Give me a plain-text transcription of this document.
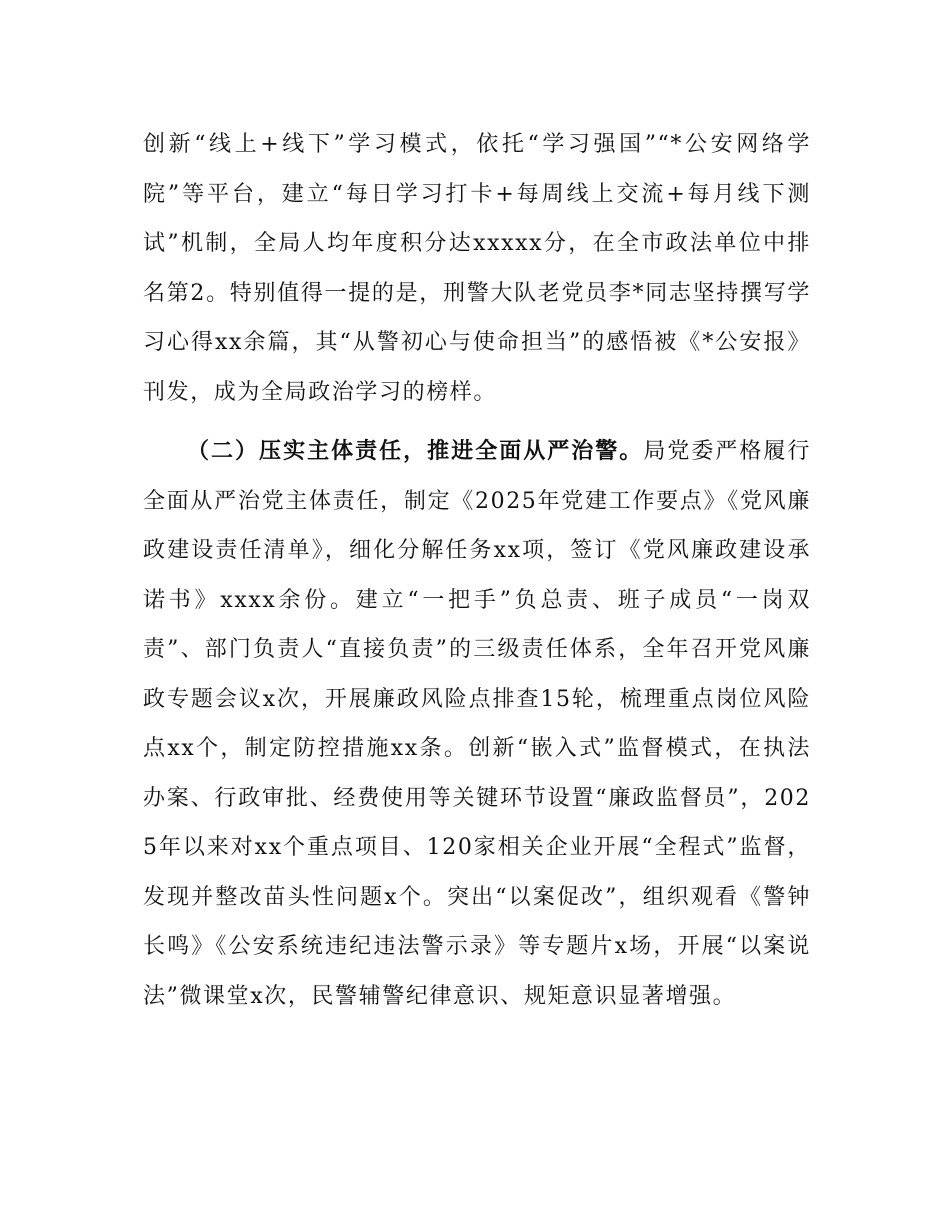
创新“线上+线下”学习模式，依托“学习强国”“*公安网络学院”等平台，建立“每日学习打卡+每周线上交流+每月线下测试”机制，全局人均年度积分达xxxxx分，在全市政法单位中排名第2。特别值得一提的是，刑警大队老党员李*同志坚持撰写学习心得xx余篇，其“从警初心与使命担当”的感悟被《*公安报》刊发，成为全局政治学习的榜样。

（二）压实主体责任，推进全面从严治警。局党委严格履行全面从严治党主体责任，制定《2025年党建工作要点》《党风廉政建设责任清单》，细化分解任务xx项，签订《党风廉政建设承诺书》xxxx余份。建立“一把手”负总责、班子成员“一岗双责”、部门负责人“直接负责”的三级责任体系，全年召开党风廉政专题会议x次，开展廉政风险点排查15轮，梳理重点岗位风险点xx个，制定防控措施xx条。创新“嵌入式”监督模式，在执法办案、行政审批、经费使用等关键环节设置“廉政监督员”，2025年以来对xx个重点项目、120家相关企业开展“全程式”监督，发现并整改苗头性问题x个。突出“以案促改”，组织观看《警钟长鸣》《公安系统违纪违法警示录》等专题片x场，开展“以案说法”微课堂x次，民警辅警纪律意识、规矩意识显著增强。
